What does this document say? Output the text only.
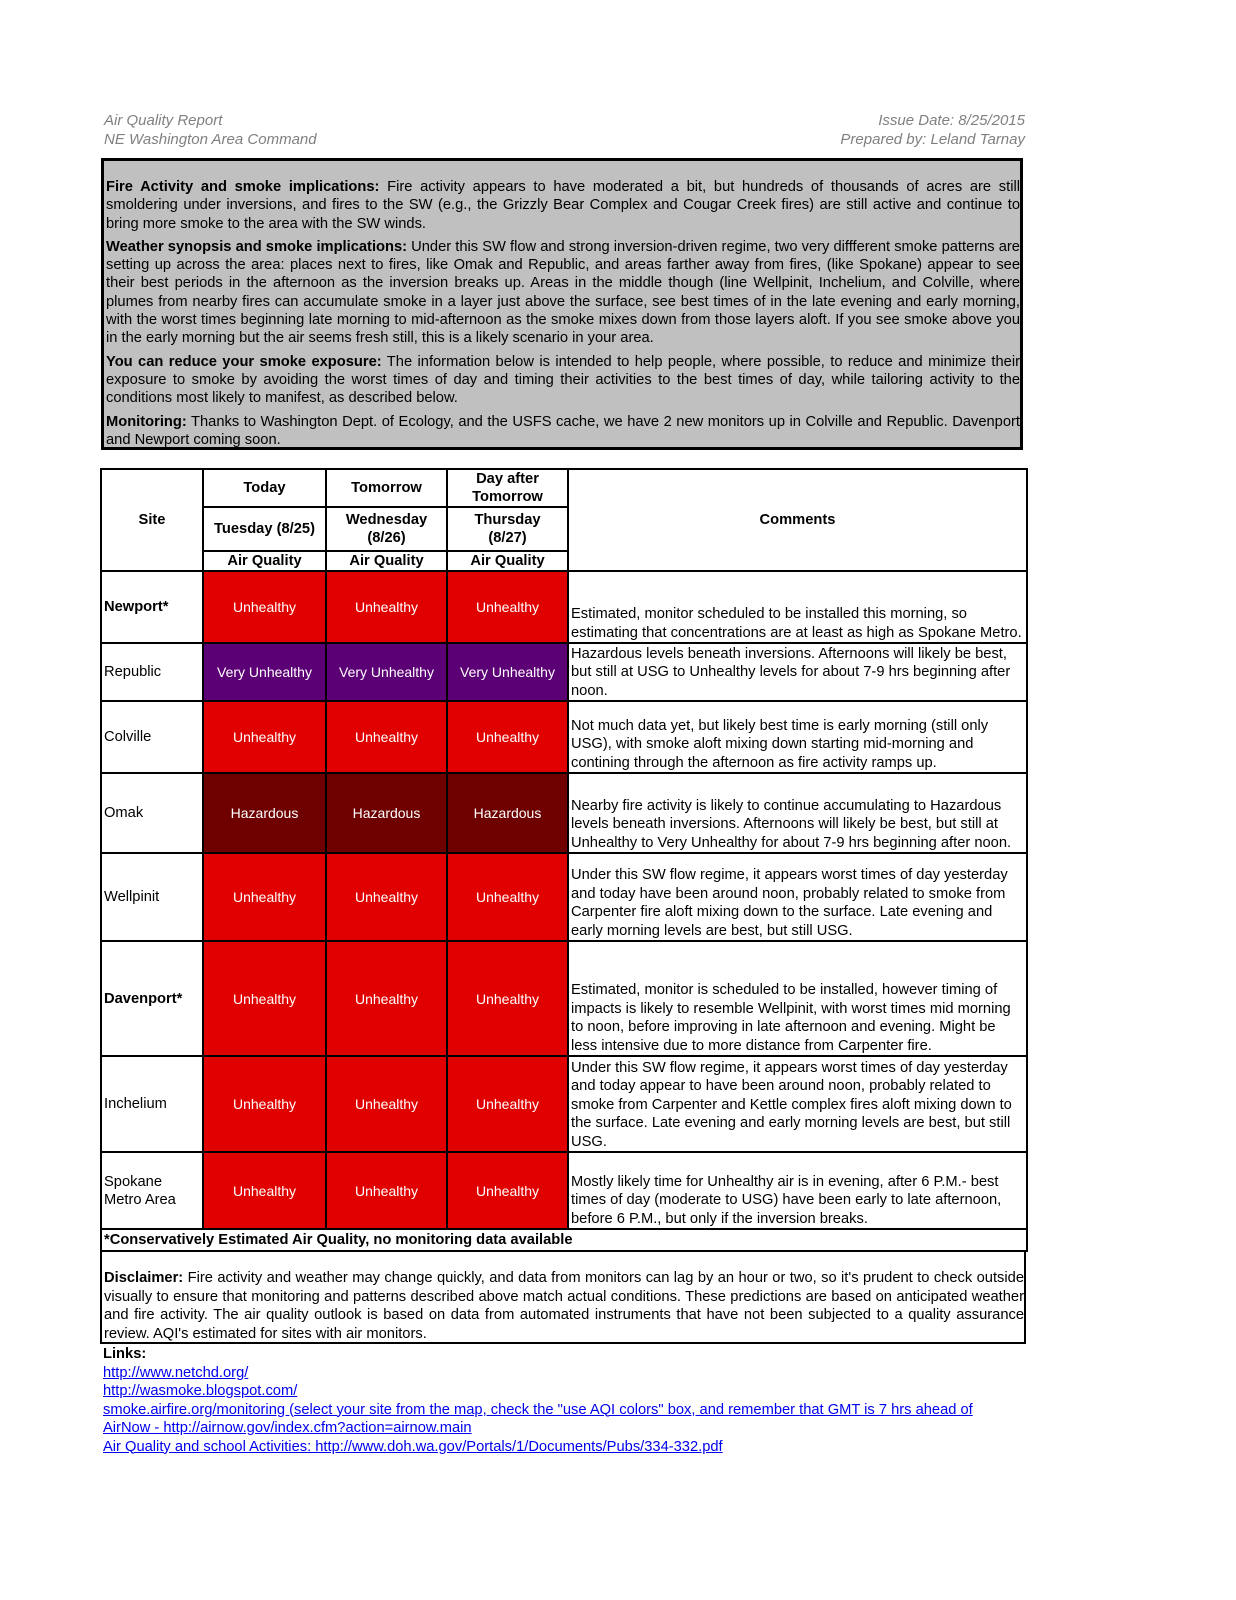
Air Quality Report
NE Washington Area Command
Issue Date: 8/25/2015
Prepared by: Leland Tarnay

Fire Activity and smoke implications: Fire activity appears to have moderated a bit, but hundreds of thousands of acres are still smoldering under inversions, and fires to the SW (e.g., the Grizzly Bear Complex and Cougar Creek fires) are still active and continue to bring more smoke to the area with the SW winds.

Weather synopsis and smoke implications: Under this SW flow and strong inversion-driven regime, two very diffferent smoke patterns are setting up across the area: places next to fires, like Omak and Republic, and areas farther away from fires, (like Spokane) appear to see their best periods in the afternoon as the inversion breaks up. Areas in the middle though (line Wellpinit, Inchelium, and Colville, where plumes from nearby fires can accumulate smoke in a layer just above the surface, see best times of in the late evening and early morning, with the worst times beginning late morning to mid-afternoon as the smoke mixes down from those layers aloft. If you see smoke above you in the early morning but the air seems fresh still, this is a likely scenario in your area.

You can reduce your smoke exposure: The information below is intended to help people, where possible, to reduce and minimize their exposure to smoke by avoiding the worst times of day and timing their activities to the best times of day, while tailoring activity to the conditions most likely to manifest, as described below.

Monitoring: Thanks to Washington Dept. of Ecology, and the USFS cache, we have 2 new monitors up in Colville and Republic. Davenport and Newport coming soon.

Site	Today	Tomorrow	Day after Tomorrow	Comments
	Tuesday (8/25)	Wednesday (8/26)	Thursday (8/27)	
	Air Quality	Air Quality	Air Quality	
Newport*	Unhealthy	Unhealthy	Unhealthy	Estimated, monitor scheduled to be installed this morning, so estimating that concentrations are at least as high as Spokane Metro.
Republic	Very Unhealthy	Very Unhealthy	Very Unhealthy	Hazardous levels beneath inversions. Afternoons will likely be best, but still at USG to Unhealthy levels for about 7-9 hrs beginning after noon.
Colville	Unhealthy	Unhealthy	Unhealthy	Not much data yet, but likely best time is early morning (still only USG), with smoke aloft mixing down starting mid-morning and contining through the afternoon as fire activity ramps up.
Omak	Hazardous	Hazardous	Hazardous	Nearby fire activity is likely to continue accumulating to Hazardous levels beneath inversions. Afternoons will likely be best, but still at Unhealthy to Very Unhealthy for about 7-9 hrs beginning after noon.
Wellpinit	Unhealthy	Unhealthy	Unhealthy	Under this SW flow regime, it appears worst times of day yesterday and today have been around noon, probably related to smoke from Carpenter fire aloft mixing down to the surface. Late evening and early morning levels are best, but still USG.
Davenport*	Unhealthy	Unhealthy	Unhealthy	Estimated, monitor is scheduled to be installed, however timing of impacts is likely to resemble Wellpinit, with worst times mid morning to noon, before improving in late afternoon and evening. Might be less intensive due to more distance from Carpenter fire.
Inchelium	Unhealthy	Unhealthy	Unhealthy	Under this SW flow regime, it appears worst times of day yesterday and today appear to have been around noon, probably related to smoke from Carpenter and Kettle complex fires aloft mixing down to the surface. Late evening and early morning levels are best, but still USG.
Spokane Metro Area	Unhealthy	Unhealthy	Unhealthy	Mostly likely time for Unhealthy air is in evening, after 6 P.M.- best times of day (moderate to USG) have been early to late afternoon, before 6 P.M., but only if the inversion breaks.
*Conservatively Estimated Air Quality, no monitoring data available				
Disclaimer: Fire activity and weather may change quickly, and data from monitors can lag by an hour or two, so it's prudent to check outside visually to ensure that monitoring and patterns described above match actual conditions. These predictions are based on anticipated weather and fire activity. The air quality outlook is based on data from automated instruments that have not been subjected to a quality assurance review. AQI's estimated for sites with air monitors.
Links:
http://www.netchd.org/
http://wasmoke.blogspot.com/
smoke.airfire.org/monitoring (select your site from the map, check the "use AQI colors" box, and remember that GMT is 7 hrs ahead of
AirNow - http://airnow.gov/index.cfm?action=airnow.main
Air Quality and school Activities: http://www.doh.wa.gov/Portals/1/Documents/Pubs/334-332.pdf
